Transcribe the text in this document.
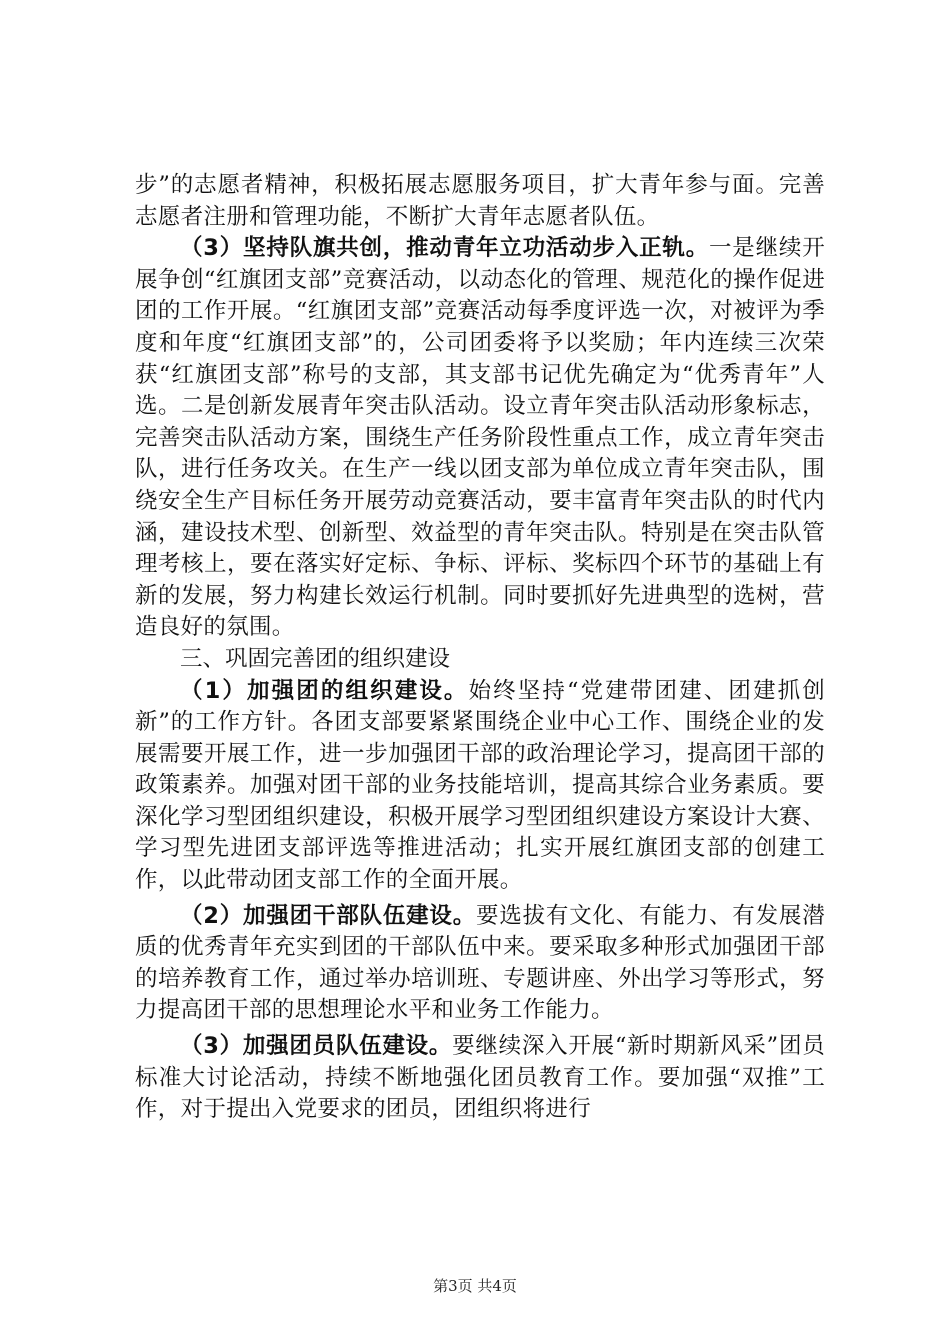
步”的志愿者精神，积极拓展志愿服务项目，扩大青年参与面。完善志愿者注册和管理功能，不断扩大青年志愿者队伍。

（3）坚持队旗共创，推动青年立功活动步入正轨。一是继续开展争创“红旗团支部”竞赛活动，以动态化的管理、规范化的操作促进团的工作开展。“红旗团支部”竞赛活动每季度评选一次，对被评为季度和年度“红旗团支部”的，公司团委将予以奖励；年内连续三次荣获“红旗团支部”称号的支部，其支部书记优先确定为“优秀青年”人选。二是创新发展青年突击队活动。设立青年突击队活动形象标志，完善突击队活动方案，围绕生产任务阶段性重点工作，成立青年突击队，进行任务攻关。在生产一线以团支部为单位成立青年突击队，围绕安全生产目标任务开展劳动竞赛活动，要丰富青年突击队的时代内涵，建设技术型、创新型、效益型的青年突击队。特别是在突击队管理考核上，要在落实好定标、争标、评标、奖标四个环节的基础上有新的发展，努力构建长效运行机制。同时要抓好先进典型的选树，营造良好的氛围。

三、巩固完善团的组织建设

（1）加强团的组织建设。始终坚持“党建带团建、团建抓创新”的工作方针。各团支部要紧紧围绕企业中心工作、围绕企业的发展需要开展工作，进一步加强团干部的政治理论学习，提高团干部的政策素养。加强对团干部的业务技能培训，提高其综合业务素质。要深化学习型团组织建设，积极开展学习型团组织建设方案设计大赛、学习型先进团支部评选等推进活动；扎实开展红旗团支部的创建工作，以此带动团支部工作的全面开展。

（2）加强团干部队伍建设。要选拔有文化、有能力、有发展潜质的优秀青年充实到团的干部队伍中来。要采取多种形式加强团干部的培养教育工作，通过举办培训班、专题讲座、外出学习等形式，努力提高团干部的思想理论水平和业务工作能力。

（3）加强团员队伍建设。要继续深入开展“新时期新风采”团员标准大讨论活动，持续不断地强化团员教育工作。要加强“双推”工作，对于提出入党要求的团员，团组织将进行

第3页 共4页
